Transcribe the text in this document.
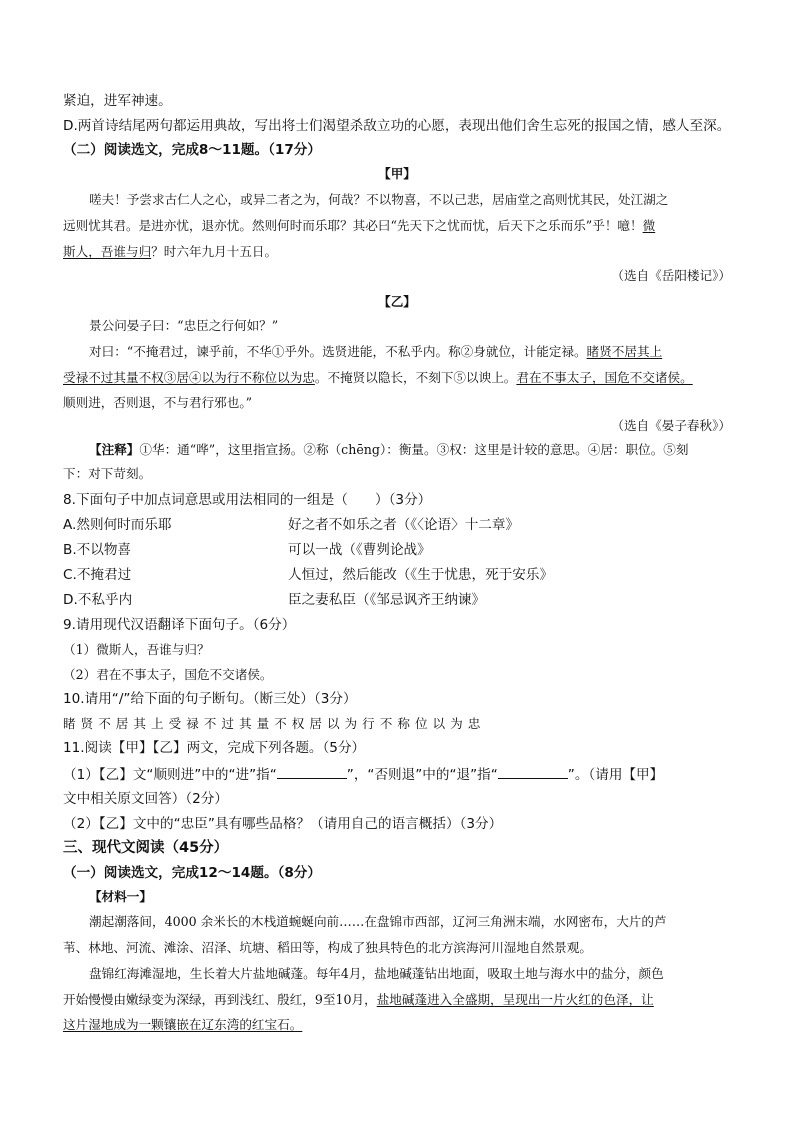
紧迫，进军神速。
D.两首诗结尾两句都运用典故，写出将士们渴望杀敌立功的心愿，表现出他们舍生忘死的报国之情，感人至深。
（二）阅读选文，完成8～11题。（17分）
【甲】
嗟夫！予尝求古仁人之心，或异二者之为，何哉？不以物喜，不以己悲，居庙堂之高则忧其民，处江湖之
远则忧其君。是进亦忧，退亦忧。然则何时而乐耶？其必曰“先天下之忧而忧，后天下之乐而乐”乎！噫！微
斯人，吾谁与归？时六年九月十五日。
（选自《岳阳楼记》）
【乙】
景公问晏子曰：“忠臣之行何如？”
对曰：“不掩君过，谏乎前，不华①乎外。选贤进能，不私乎内。称②身就位，计能定禄。睹贤不居其上
受禄不过其量不权③居④以为行不称位以为忠。不掩贤以隐长，不刻下⑤以谀上。君在不事太子，国危不交诸侯。
顺则进，否则退，不与君行邪也。”
（选自《晏子春秋》）
【注释】①华：通“哗”，这里指宣扬。②称（chēng）：衡量。③权：这里是计较的意思。④居：职位。⑤刻
下：对下苛刻。
8.下面句子中加点词意思或用法相同的一组是（　　）（3分）
A.然则何时而乐耶	好之者不如乐之者（《〈论语〉十二章》
B.不以物喜	可以一战（《曹刿论战》
C.不掩君过	人恒过，然后能改（《生于忧患，死于安乐》
D.不私乎内	臣之妻私臣（《邹忌讽齐王纳谏》
9.请用现代汉语翻译下面句子。（6分）
（1）微斯人，吾谁与归？
（2）君在不事太子，国危不交诸侯。
10.请用“/”给下面的句子断句。（断三处）（3分）
睹 贤 不 居 其 上 受 禄 不 过 其 量 不 权 居 以 为 行 不 称 位 以 为 忠
11.阅读【甲】【乙】两文，完成下列各题。（5分）
（1）【乙】文“顺则进”中的“进”指“	”，“否则退”中的“退”指“	”。（请用【甲】
文中相关原文回答）（2分）
（2）【乙】文中的“忠臣”具有哪些品格？（请用自己的语言概括）（3分）
三、现代文阅读（45分）
（一）阅读选文，完成12～14题。（8分）
【材料一】
潮起潮落间，4000 余米长的木栈道蜿蜒向前……在盘锦市西部，辽河三角洲末端，水网密布，大片的芦
苇、林地、河流、滩涂、沼泽、坑塘、稻田等，构成了独具特色的北方滨海河川湿地自然景观。
盘锦红海滩湿地，生长着大片盐地碱蓬。每年4月，盐地碱蓬钻出地面，吸取土地与海水中的盐分，颜色
开始慢慢由嫩绿变为深绿，再到浅红、殷红，9至10月，盐地碱蓬进入全盛期，呈现出一片火红的色泽，让
这片湿地成为一颗镶嵌在辽东湾的红宝石。
